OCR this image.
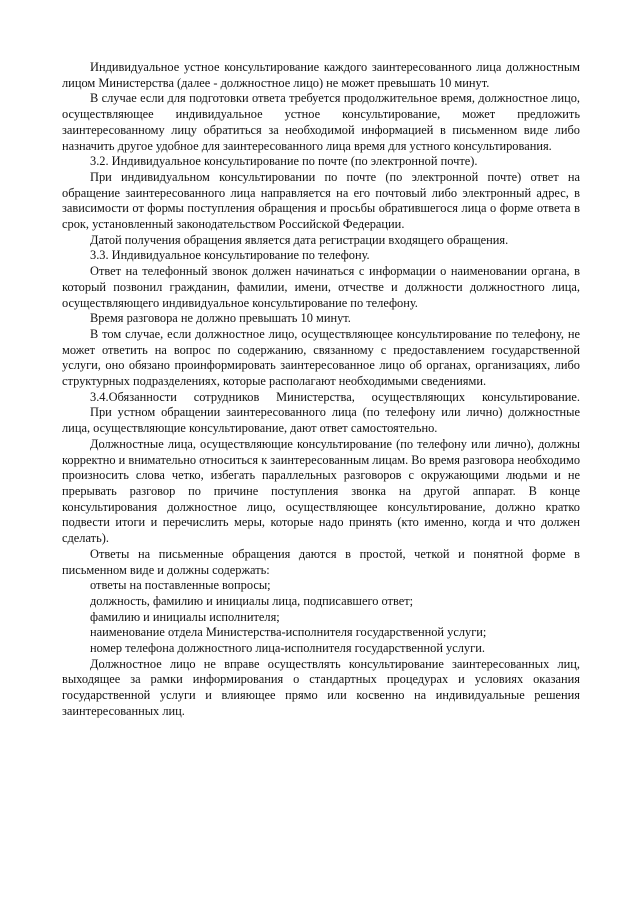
Индивидуальное устное консультирование каждого заинтересованного лица должностным лицом Министерства (далее - должностное лицо) не может превышать 10 минут.

В случае если для подготовки ответа требуется продолжительное время, должностное лицо, осуществляющее индивидуальное устное консультирование, может предложить заинтересованному лицу обратиться за необходимой информацией в письменном виде либо назначить другое удобное для заинтересованного лица время для устного консультирования.

3.2. Индивидуальное консультирование по почте (по электронной почте).

При индивидуальном консультировании по почте (по электронной почте) ответ на обращение заинтересованного лица направляется на его почтовый либо электронный адрес, в зависимости от формы поступления обращения и просьбы обратившегося лица о форме ответа в срок, установленный законодательством Российской Федерации.

Датой получения обращения является дата регистрации входящего обращения.

3.3. Индивидуальное консультирование по телефону.

Ответ на телефонный звонок должен начинаться с информации о наименовании органа, в который позвонил гражданин, фамилии, имени, отчестве и должности должностного лица, осуществляющего индивидуальное консультирование по телефону.

Время разговора не должно превышать 10 минут.

В том случае, если должностное лицо, осуществляющее консультирование по телефону, не может ответить на вопрос по содержанию, связанному с предоставлением государственной услуги, оно обязано проинформировать заинтересованное лицо об органах, организациях, либо структурных подразделениях, которые располагают необходимыми сведениями.

3.4.Обязанности сотрудников Министерства, осуществляющих консультирование.

При устном обращении заинтересованного лица (по телефону или лично) должностные лица, осуществляющие консультирование, дают ответ самостоятельно.

Должностные лица, осуществляющие консультирование (по телефону или лично), должны корректно и внимательно относиться к заинтересованным лицам. Во время разговора необходимо произносить слова четко, избегать параллельных разговоров с окружающими людьми и не прерывать разговор по причине поступления звонка на другой аппарат. В конце консультирования должностное лицо, осуществляющее консультирование, должно кратко подвести итоги и перечислить меры, которые надо принять (кто именно, когда и что должен сделать).

Ответы на письменные обращения даются в простой, четкой и понятной форме в письменном виде и должны содержать:

ответы на поставленные вопросы;

должность, фамилию и инициалы лица, подписавшего ответ;

фамилию и инициалы исполнителя;

наименование отдела Министерства-исполнителя государственной услуги;

номер телефона должностного лица-исполнителя государственной услуги.

Должностное лицо не вправе осуществлять консультирование заинтересованных лиц, выходящее за рамки информирования о стандартных процедурах и условиях оказания государственной услуги и влияющее прямо или косвенно на индивидуальные решения заинтересованных лиц.
